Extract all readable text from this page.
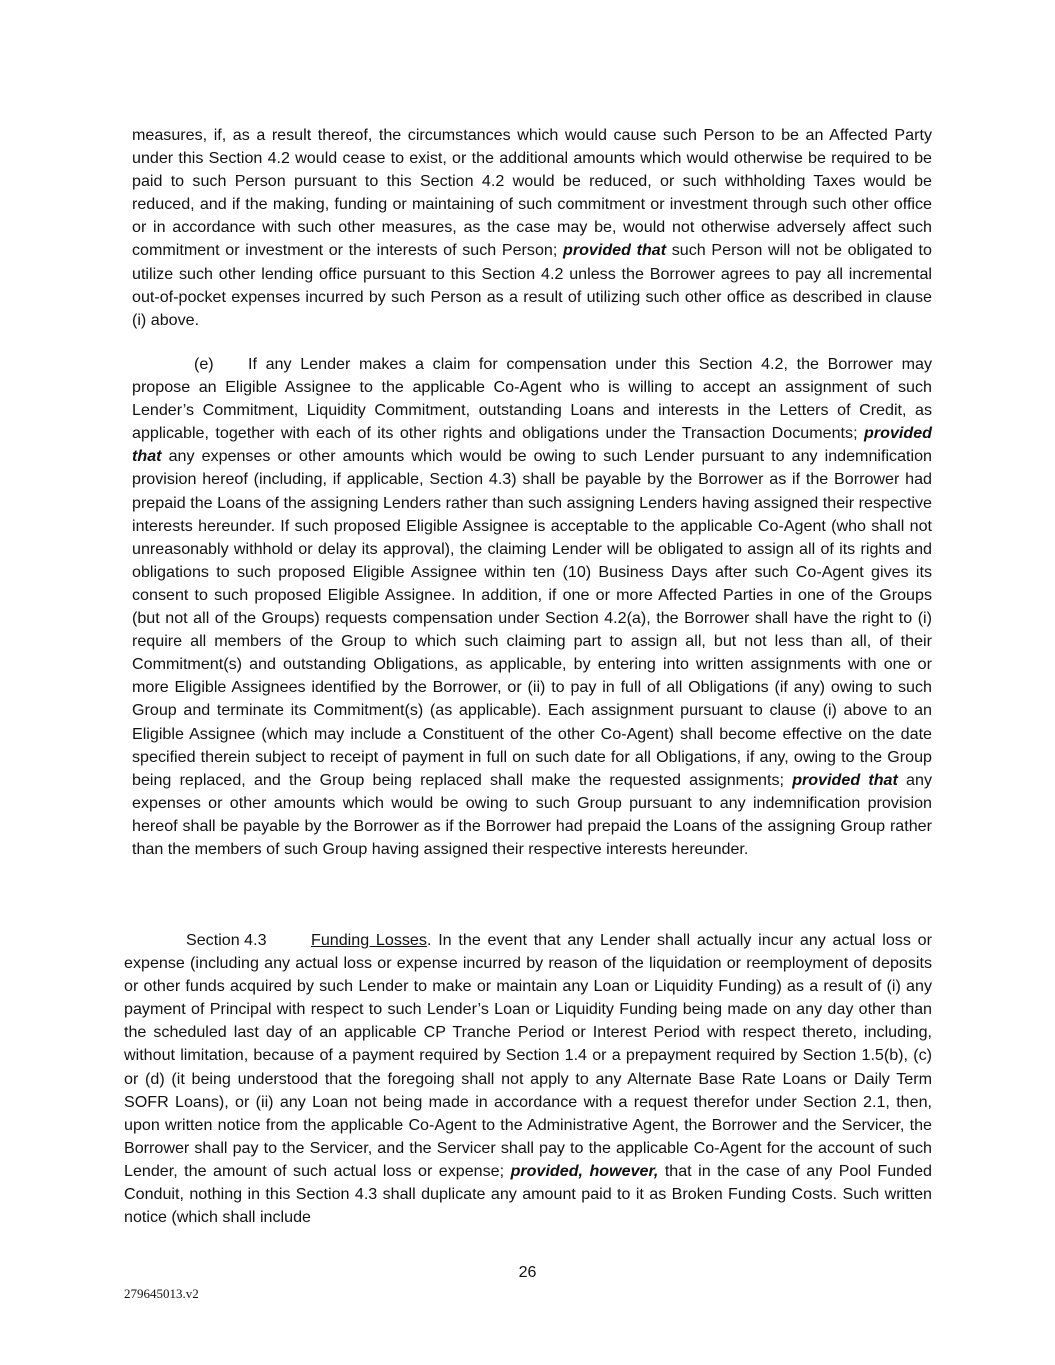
measures, if, as a result thereof, the circumstances which would cause such Person to be an Affected Party under this Section 4.2 would cease to exist, or the additional amounts which would otherwise be required to be paid to such Person pursuant to this Section 4.2 would be reduced, or such withholding Taxes would be reduced, and if the making, funding or maintaining of such commitment or investment through such other office or in accordance with such other measures, as the case may be, would not otherwise adversely affect such commitment or investment or the interests of such Person; provided that such Person will not be obligated to utilize such other lending office pursuant to this Section 4.2 unless the Borrower agrees to pay all incremental out-of-pocket expenses incurred by such Person as a result of utilizing such other office as described in clause (i) above.

(e) If any Lender makes a claim for compensation under this Section 4.2, the Borrower may propose an Eligible Assignee to the applicable Co-Agent who is willing to accept an assignment of such Lender’s Commitment, Liquidity Commitment, outstanding Loans and interests in the Letters of Credit, as applicable, together with each of its other rights and obligations under the Transaction Documents; provided that any expenses or other amounts which would be owing to such Lender pursuant to any indemnification provision hereof (including, if applicable, Section 4.3) shall be payable by the Borrower as if the Borrower had prepaid the Loans of the assigning Lenders rather than such assigning Lenders having assigned their respective interests hereunder. If such proposed Eligible Assignee is acceptable to the applicable Co-Agent (who shall not unreasonably withhold or delay its approval), the claiming Lender will be obligated to assign all of its rights and obligations to such proposed Eligible Assignee within ten (10) Business Days after such Co-Agent gives its consent to such proposed Eligible Assignee. In addition, if one or more Affected Parties in one of the Groups (but not all of the Groups) requests compensation under Section 4.2(a), the Borrower shall have the right to (i) require all members of the Group to which such claiming part to assign all, but not less than all, of their Commitment(s) and outstanding Obligations, as applicable, by entering into written assignments with one or more Eligible Assignees identified by the Borrower, or (ii) to pay in full of all Obligations (if any) owing to such Group and terminate its Commitment(s) (as applicable). Each assignment pursuant to clause (i) above to an Eligible Assignee (which may include a Constituent of the other Co-Agent) shall become effective on the date specified therein subject to receipt of payment in full on such date for all Obligations, if any, owing to the Group being replaced, and the Group being replaced shall make the requested assignments; provided that any expenses or other amounts which would be owing to such Group pursuant to any indemnification provision hereof shall be payable by the Borrower as if the Borrower had prepaid the Loans of the assigning Group rather than the members of such Group having assigned their respective interests hereunder.

Section 4.3	Funding Losses. In the event that any Lender shall actually incur any actual loss or expense (including any actual loss or expense incurred by reason of the liquidation or reemployment of deposits or other funds acquired by such Lender to make or maintain any Loan or Liquidity Funding) as a result of (i) any payment of Principal with respect to such Lender’s Loan or Liquidity Funding being made on any day other than the scheduled last day of an applicable CP Tranche Period or Interest Period with respect thereto, including, without limitation, because of a payment required by Section 1.4 or a prepayment required by Section 1.5(b), (c) or (d) (it being understood that the foregoing shall not apply to any Alternate Base Rate Loans or Daily Term SOFR Loans), or (ii) any Loan not being made in accordance with a request therefor under Section 2.1, then, upon written notice from the applicable Co-Agent to the Administrative Agent, the Borrower and the Servicer, the Borrower shall pay to the Servicer, and the Servicer shall pay to the applicable Co-Agent for the account of such Lender, the amount of such actual loss or expense; provided, however, that in the case of any Pool Funded Conduit, nothing in this Section 4.3 shall duplicate any amount paid to it as Broken Funding Costs. Such written notice (which shall include

26
279645013.v2
